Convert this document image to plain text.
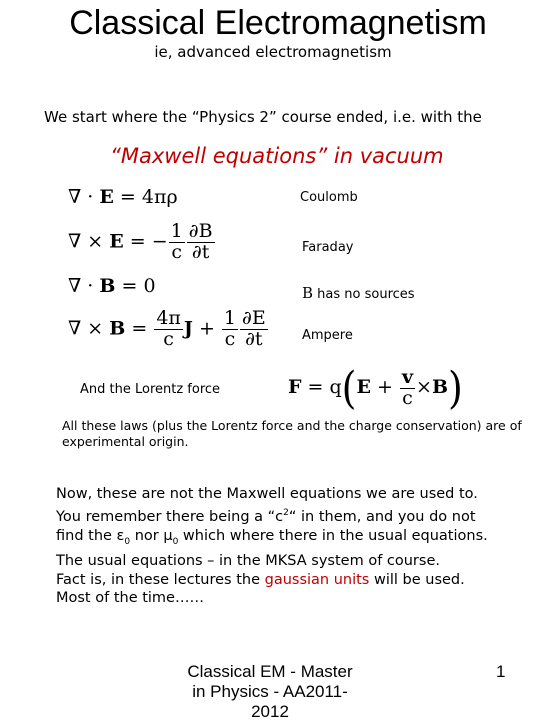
Classical Electromagnetism
ie, advanced electromagnetism
We start where the “Physics 2” course ended, i.e. with the
“Maxwell equations” in vacuum
∇ · E = 4πρ	Coulomb
∇ × E = − $\frac{1}{c} \frac{\partial B}{\partial t}$	Faraday
∇ · B = 0	B has no sources
∇ × $B = \frac{4\pi}{c}$ $J + \frac{1}{c} \frac{\partial E}{\partial t}$	Ampere
And the Lorentz force	$F = q(E + \frac{v}{c} \times B)$
All these laws (plus the Lorentz force and the charge conservation) are of experimental origin.
Now, these are not the Maxwell equations we are used to.
You remember there being a “$c^2“$ in them, and you do not
find the $\varepsilon_0$ nor $\mu_0$ which where there in the usual equations.
The usual equations – in the MKSA system of course.
Fact is, in these lectures the gaussian units will be used.
Most of the time……
Classical EM - Master in Physics - AA2011-2012
1
